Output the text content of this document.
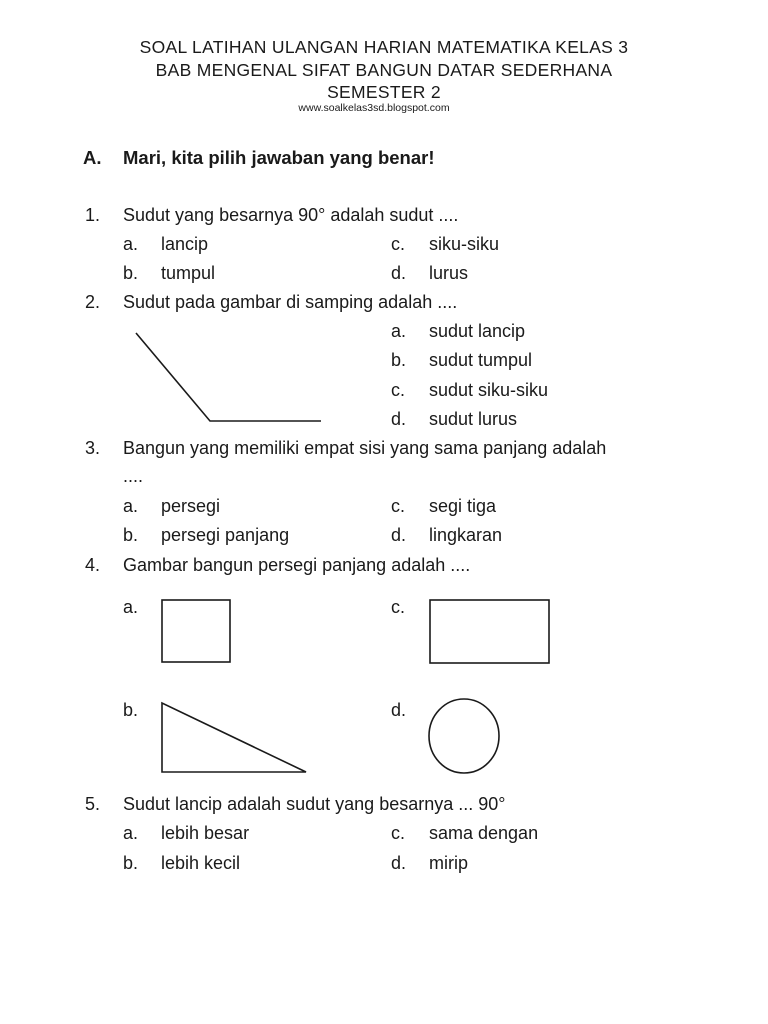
SOAL LATIHAN ULANGAN HARIAN MATEMATIKA KELAS 3
BAB MENGENAL SIFAT BANGUN DATAR SEDERHANA
SEMESTER 2
www.soalkelas3sd.blogspot.com
A. Mari, kita pilih jawaban yang benar!
1. Sudut yang besarnya 90° adalah sudut ....
a. lancip
b. tumpul
c. siku-siku
d. lurus
2. Sudut pada gambar di samping adalah ....
a. sudut lancip
b. sudut tumpul
c. sudut siku-siku
d. sudut lurus
3. Bangun yang memiliki empat sisi yang sama panjang adalah
....
a. persegi
b. persegi panjang
c. segi tiga
d. lingkaran
4. Gambar bangun persegi panjang adalah ....
a.
b.
c.
d.
5. Sudut lancip adalah sudut yang besarnya ... 90°
a. lebih besar
b. lebih kecil
c. sama dengan
d. mirip
